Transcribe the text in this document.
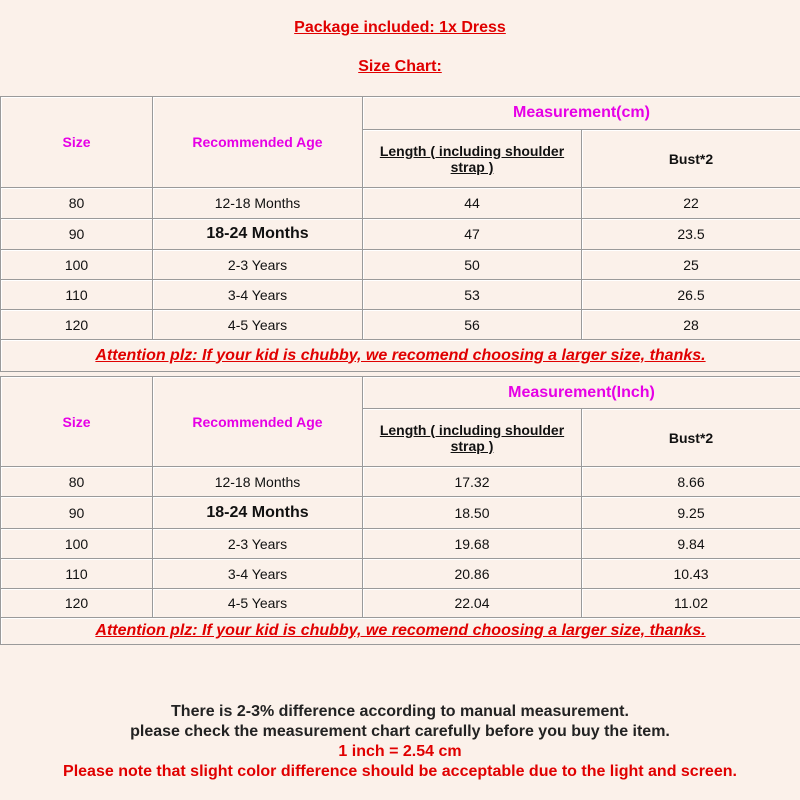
Package included: 1x Dress
Size Chart:
Size	Recommended Age	Measurement(cm)	
		Length ( including shoulder
strap )	Bust*2
80	12-18 Months	44	22
90	18-24 Months	47	23.5
100	2-3 Years	50	25
110	3-4 Years	53	26.5
120	4-5 Years	56	28
Attention plz: If your kid is chubby, we recomend choosing a larger size, thanks.			
Size	Recommended Age	Measurement(Inch)	
		Length ( including shoulder
strap )	Bust*2
80	12-18 Months	17.32	8.66
90	18-24 Months	18.50	9.25
100	2-3 Years	19.68	9.84
110	3-4 Years	20.86	10.43
120	4-5 Years	22.04	11.02
Attention plz: If your kid is chubby, we recomend choosing a larger size, thanks.			
There is 2-3% difference according to manual measurement.
please check the measurement chart carefully before you buy the item.
1 inch = 2.54 cm
Please note that slight color difference should be acceptable due to the light and screen.
